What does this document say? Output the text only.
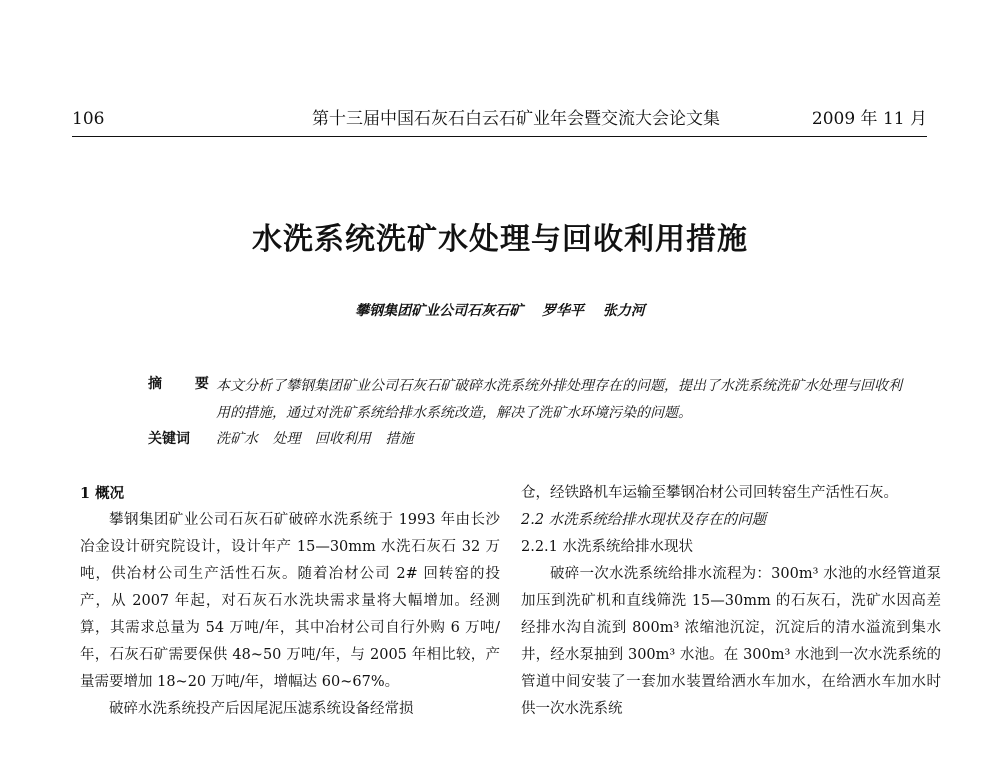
106	第十三届中国石灰石白云石矿业年会暨交流大会论文集	2009 年 11 月
水洗系统洗矿水处理与回收利用措施
攀钢集团矿业公司石灰石矿 罗华平 张力河
摘 要
本文分析了攀钢集团矿业公司石灰石矿破碎水洗系统外排处理存在的问题，提出了水洗系统洗矿水处理与回收利用的措施，通过对洗矿系统给排水系统改造，解决了洗矿水环境污染的问题。
关键词 洗矿水 处理 回收利用 措施

1 概况

攀钢集团矿业公司石灰石矿破碎水洗系统于 1993 年由长沙冶金设计研究院设计，设计年产 15—30mm 水洗石灰石 32 万吨，供冶材公司生产活性石灰。随着冶材公司 2# 回转窑的投产，从 2007 年起，对石灰石水洗块需求量将大幅增加。经测算，其需求总量为 54 万吨/年，其中冶材公司自行外购 6 万吨/年，石灰石矿需要保供 48~50 万吨/年，与 2005 年相比较，产量需要增加 18~20 万吨/年，增幅达 60~67%。

破碎水洗系统投产后因尾泥压滤系统设备经常损

仓，经铁路机车运输至攀钢冶材公司回转窑生产活性石灰。

2.2 水洗系统给排水现状及存在的问题

2.2.1 水洗系统给排水现状

破碎一次水洗系统给排水流程为：300m³ 水池的水经管道泵加压到洗矿机和直线筛洗 15—30mm 的石灰石，洗矿水因高差经排水沟自流到 800m³ 浓缩池沉淀，沉淀后的清水溢流到集水井，经水泵抽到 300m³ 水池。在 300m³ 水池到一次水洗系统的管道中间安装了一套加水装置给洒水车加水，在给洒水车加水时供一次水洗系统
